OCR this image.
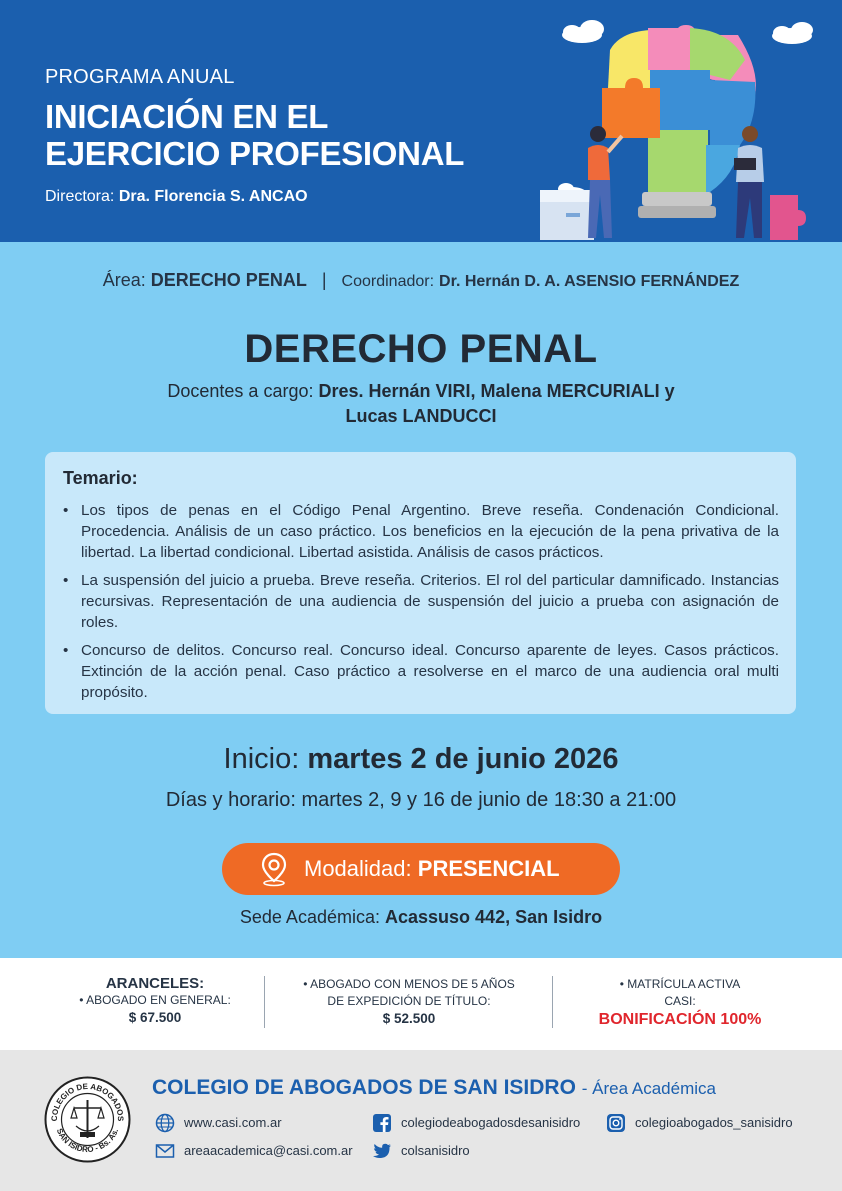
PROGRAMA ANUAL
INICIACIÓN EN EL
EJERCICIO PROFESIONAL
Directora: Dra. Florencia S. ANCAO
Área: DERECHO PENAL | Coordinador: Dr. Hernán D. A. ASENSIO FERNÁNDEZ
DERECHO PENAL
Docentes a cargo: Dres. Hernán VIRI, Malena MERCURIALI y
Lucas LANDUCCI
Temario:
• Los tipos de penas en el Código Penal Argentino. Breve reseña. Condenación Condicional. Procedencia. Análisis de un caso práctico. Los beneficios en la ejecución de la pena privativa de la libertad. La libertad condicional. Libertad asistida. Análisis de casos prácticos.
• La suspensión del juicio a prueba. Breve reseña. Criterios. El rol del particular damnificado. Instancias recursivas. Representación de una audiencia de suspensión del juicio a prueba con asignación de roles.
• Concurso de delitos. Concurso real. Concurso ideal. Concurso aparente de leyes. Casos prácticos. Extinción de la acción penal. Caso práctico a resolverse en el marco de una audiencia oral multi propósito.
Inicio: martes 2 de junio 2026
Días y horario: martes 2, 9 y 16 de junio de 18:30 a 21:00
Modalidad: PRESENCIAL
Sede Académica: Acassuso 442, San Isidro
ARANCELES:
• ABOGADO EN GENERAL:
$ 67.500
• ABOGADO CON MENOS DE 5 AÑOS
DE EXPEDICIÓN DE TÍTULO:
$ 52.500
• MATRÍCULA ACTIVA
CASI:
BONIFICACIÓN 100%
COLEGIO DE ABOGADOS
SAN ISIDRO - Bs. As.
COLEGIO DE ABOGADOS DE SAN ISIDRO - Área Académica
www.casi.com.ar
areaacademica@casi.com.ar
colegiodeabogadosdesanisidro
colsanisidro
colegioabogados_sanisidro
